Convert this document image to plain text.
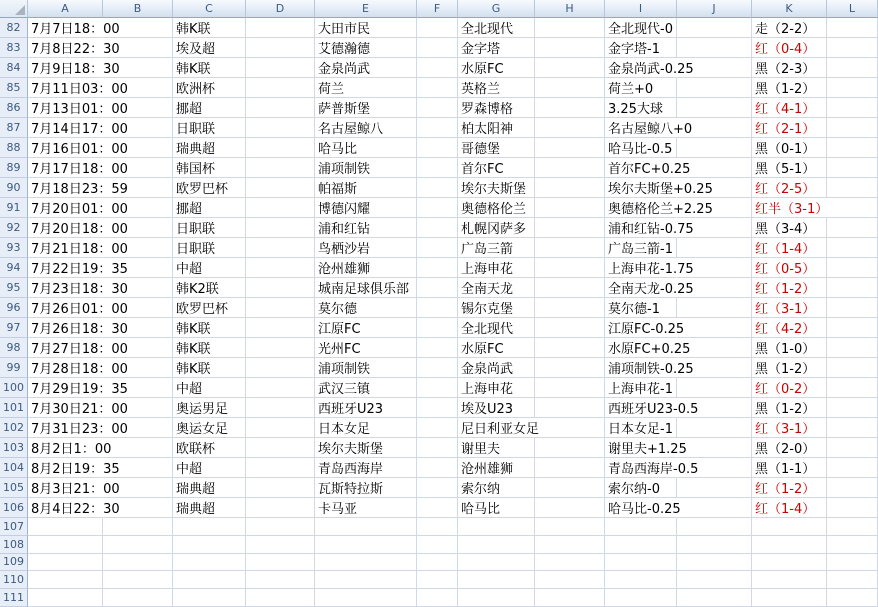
	A	B	C	D	E	F	G	H	I	J	K	L
82	7月7日18：00		韩K联		大田市民		全北现代		全北现代-0		走（2-2）	
83	7月8日22：30		埃及超		艾德瀚德		金字塔		金字塔-1		红（0-4）	
84	7月9日18：30		韩K联		金泉尚武		水原FC		金泉尚武-0.25		黑（2-3）	
85	7月11日03：00		欧洲杯		荷兰		英格兰		荷兰+0		黑（1-2）	
86	7月13日01：00		挪超		萨普斯堡		罗森博格		3.25大球		红（4-1）	
87	7月14日17：00		日职联		名古屋鲸八		柏太阳神		名古屋鲸八+0		红（2-1）	
88	7月16日01：00		瑞典超		哈马比		哥德堡		哈马比-0.5		黑（0-1）	
89	7月17日18：00		韩国杯		浦项制铁		首尔FC		首尔FC+0.25		黑（5-1）	
90	7月18日23：59		欧罗巴杯		帕福斯		埃尔夫斯堡		埃尔夫斯堡+0.25		红（2-5）	
91	7月20日01：00		挪超		博德闪耀		奥德格伦兰		奥德格伦兰+2.25		红半（3-1）	
92	7月20日18：00		日职联		浦和红钻		札幌冈萨多		浦和红钻-0.75		黑（3-4）	
93	7月21日18：00		日职联		鸟栖沙岩		广岛三箭		广岛三箭-1		红（1-4）	
94	7月22日19：35		中超		沧州雄狮		上海申花		上海申花-1.75		红（0-5）	
95	7月23日18：30		韩K2联		城南足球俱乐部		全南天龙		全南天龙-0.25		红（1-2）	
96	7月26日01：00		欧罗巴杯		莫尔德		锡尔克堡		莫尔德-1		红（3-1）	
97	7月26日18：30		韩K联		江原FC		全北现代		江原FC-0.25		红（4-2）	
98	7月27日18：00		韩K联		光州FC		水原FC		水原FC+0.25		黑（1-0）	
99	7月28日18：00		韩K联		浦项制铁		金泉尚武		浦项制铁-0.25		黑（1-2）	
100	7月29日19：35		中超		武汉三镇		上海申花		上海申花-1		红（0-2）	
101	7月30日21：00		奥运男足		西班牙U23		埃及U23		西班牙U23-0.5		黑（1-2）	
102	7月31日23：00		奥运女足		日本女足		尼日利亚女足		日本女足-1		红（3-1）	
103	8月2日1：00		欧联杯		埃尔夫斯堡		谢里夫		谢里夫+1.25		黑（2-0）	
104	8月2日19：35		中超		青岛西海岸		沧州雄狮		青岛西海岸-0.5		黑（1-1）	
105	8月3日21：00		瑞典超		瓦斯特拉斯		索尔纳		索尔纳-0		红（1-2）	
106	8月4日22：30		瑞典超		卡马亚		哈马比		哈马比-0.25		红（1-4）	
107												
108												
109												
110												
111												
